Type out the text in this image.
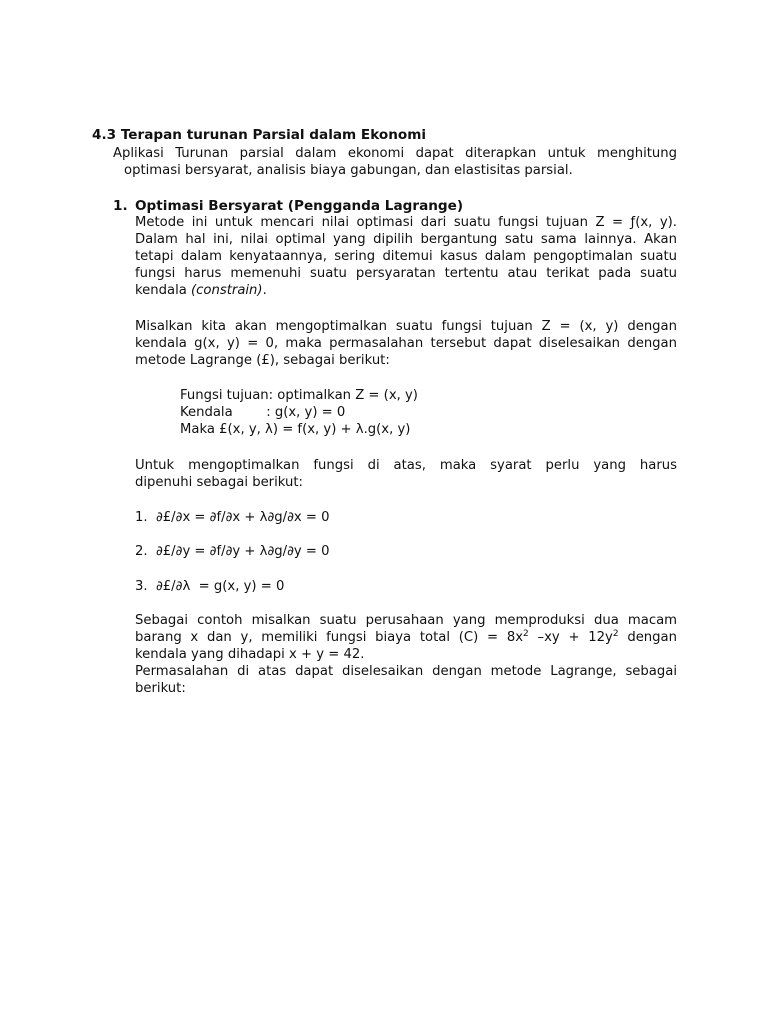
4.3 Terapan turunan Parsial dalam Ekonomi
Aplikasi Turunan parsial dalam ekonomi dapat diterapkan untuk menghitung
optimasi bersyarat, analisis biaya gabungan, dan elastisitas parsial.
1. Optimasi Bersyarat (Pengganda Lagrange)
Metode ini untuk mencari nilai optimasi dari suatu fungsi tujuan Z = ƒ(x, y).
Dalam hal ini, nilai optimal yang dipilih bergantung satu sama lainnya. Akan
tetapi dalam kenyataannya, sering ditemui kasus dalam pengoptimalan suatu
fungsi harus memenuhi suatu persyaratan tertentu atau terikat pada suatu
kendala (constrain).
Misalkan kita akan mengoptimalkan suatu fungsi tujuan Z = (x, y) dengan
kendala g(x, y) = 0, maka permasalahan tersebut dapat diselesaikan dengan
metode Lagrange (£), sebagai berikut:
Fungsi tujuan: optimalkan Z = (x, y)
Kendala        : g(x, y) = 0
Maka £(x, y, λ) = f(x, y) + λ.g(x, y)
Untuk mengoptimalkan fungsi di atas, maka syarat perlu yang harus
dipenuhi sebagai berikut:
1.  ∂£/∂x = ∂f/∂x + λ∂g/∂x = 0
2.  ∂£/∂y = ∂f/∂y + λ∂g/∂y = 0
3.  ∂£/∂λ  = g(x, y) = 0
Sebagai contoh misalkan suatu perusahaan yang memproduksi dua macam
barang x dan y, memiliki fungsi biaya total $(C) = 8x^2$ $-xy + 12y^2$ dengan
kendala yang dihadapi x + y = 42.
Permasalahan di atas dapat diselesaikan dengan metode Lagrange, sebagai
berikut:
